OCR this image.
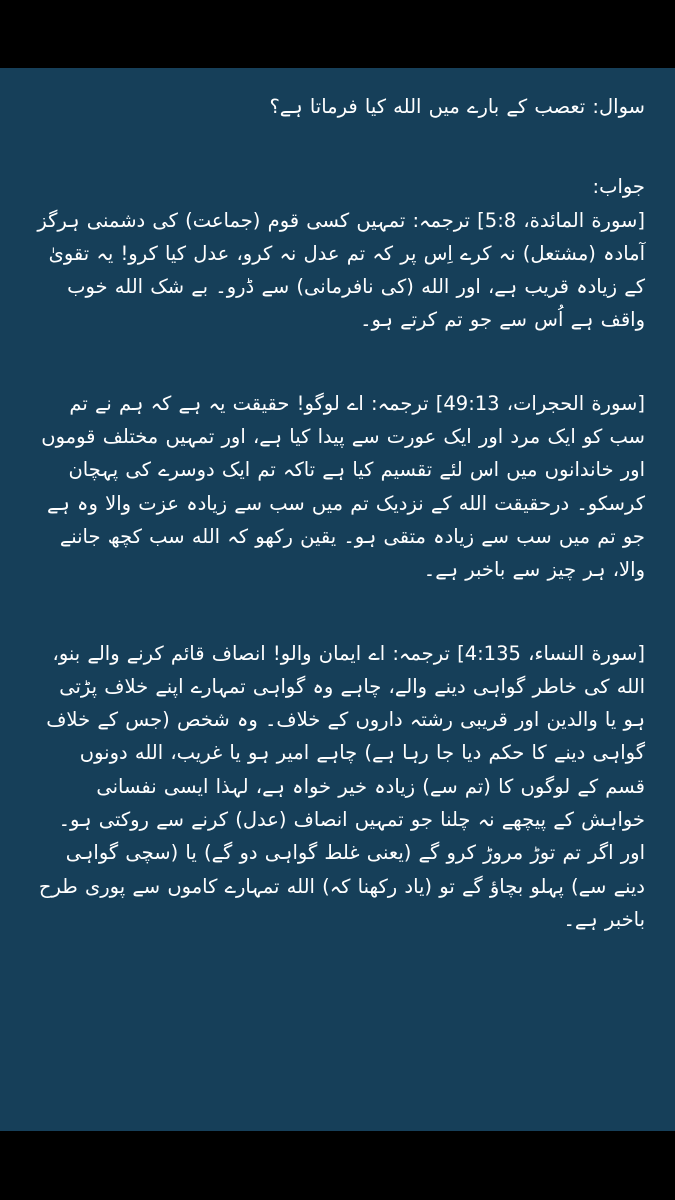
سوال: تعصب کے بارے میں الله کیا فرماتا ہے؟

جواب:

[سورة المائدة، 5:8] ترجمہ: تمہیں کسی قوم (جماعت) کی دشمنی ہرگز آمادہ (مشتعل) نہ کرے اِس پر کہ تم عدل نہ کرو، عدل کیا کرو! یہ تقویٰ کے زیادہ قریب ہے، اور الله (کی نافرمانی) سے ڈرو۔ بے شک الله خوب واقف ہے اُس سے جو تم کرتے ہو۔

[سورة الحجرات، 49:13] ترجمہ: اے لوگو! حقیقت یہ ہے کہ ہم نے تم سب کو ایک مرد اور ایک عورت سے پیدا کیا ہے، اور تمہیں مختلف قوموں اور خاندانوں میں اس لئے تقسیم کیا ہے تاکہ تم ایک دوسرے کی پہچان کرسکو۔ درحقیقت الله کے نزدیک تم میں سب سے زیادہ عزت والا وہ ہے جو تم میں سب سے زیادہ متقی ہو۔ یقین رکھو کہ الله سب کچھ جاننے والا، ہر چیز سے باخبر ہے۔

[سورة النساء، 4:135] ترجمہ: اے ایمان والو! انصاف قائم کرنے والے بنو، الله کی خاطر گواہی دینے والے، چاہے وہ گواہی تمہارے اپنے خلاف پڑتی ہو یا والدین اور قریبی رشتہ داروں کے خلاف۔ وہ شخص (جس کے خلاف گواہی دینے کا حکم دیا جا رہا ہے) چاہے امیر ہو یا غریب، الله دونوں قسم کے لوگوں کا (تم سے) زیادہ خیر خواہ ہے، لہذا ایسی نفسانی خواہش کے پیچھے نہ چلنا جو تمہیں انصاف (عدل) کرنے سے روکتی ہو۔ اور اگر تم توڑ مروڑ کرو گے (یعنی غلط گواہی دو گے) یا (سچی گواہی دینے سے) پہلو بچاؤ گے تو (یاد رکھنا کہ) الله تمہارے کاموں سے پوری طرح باخبر ہے۔
